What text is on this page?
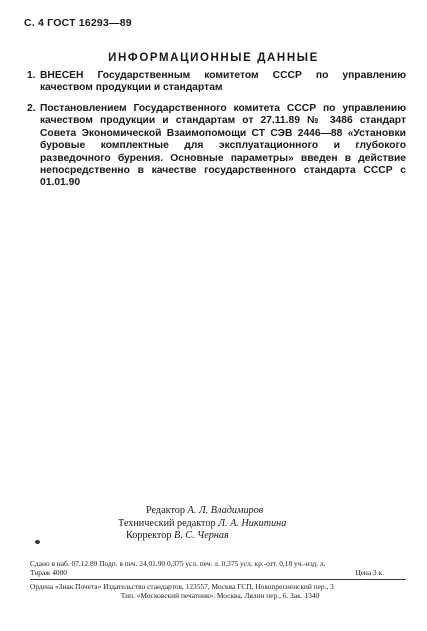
С. 4 ГОСТ 16293—89
ИНФОРМАЦИОННЫЕ ДАННЫЕ
1. ВНЕСЕН Государственным комитетом СССР по управлению качеством продукции и стандартам
2. Постановлением Государственного комитета СССР по управлению качеством продукции и стандартам от 27.11.89 № 3486 стандарт Совета Экономической Взаимопомощи СТ СЭВ 2446—88 «Установки буровые комплектные для эксплуатационного и глубокого разведочного бурения. Основные параметры» введен в действие непосредственно в качестве государственного стандарта СССР с 01.01.90
Редактор А. Л. Владимиров
Технический редактор Л. А. Никитина
Корректор В. С. Черная
Сдано в наб. 07.12.89 Подп. в печ. 24.01.90 0,375 усл. печ. л. 0,375 усл. кр.-отт. 0,18 уч.-изд. л.
Тираж 4000	Цена 3 к.
Ордена «Знак Почета» Издательство стандартов, 123557, Москва ГСП, Новопресненский пер., 3
Тип. «Московский печатник». Москва, Лялин пер., 6. Зак. 1340
